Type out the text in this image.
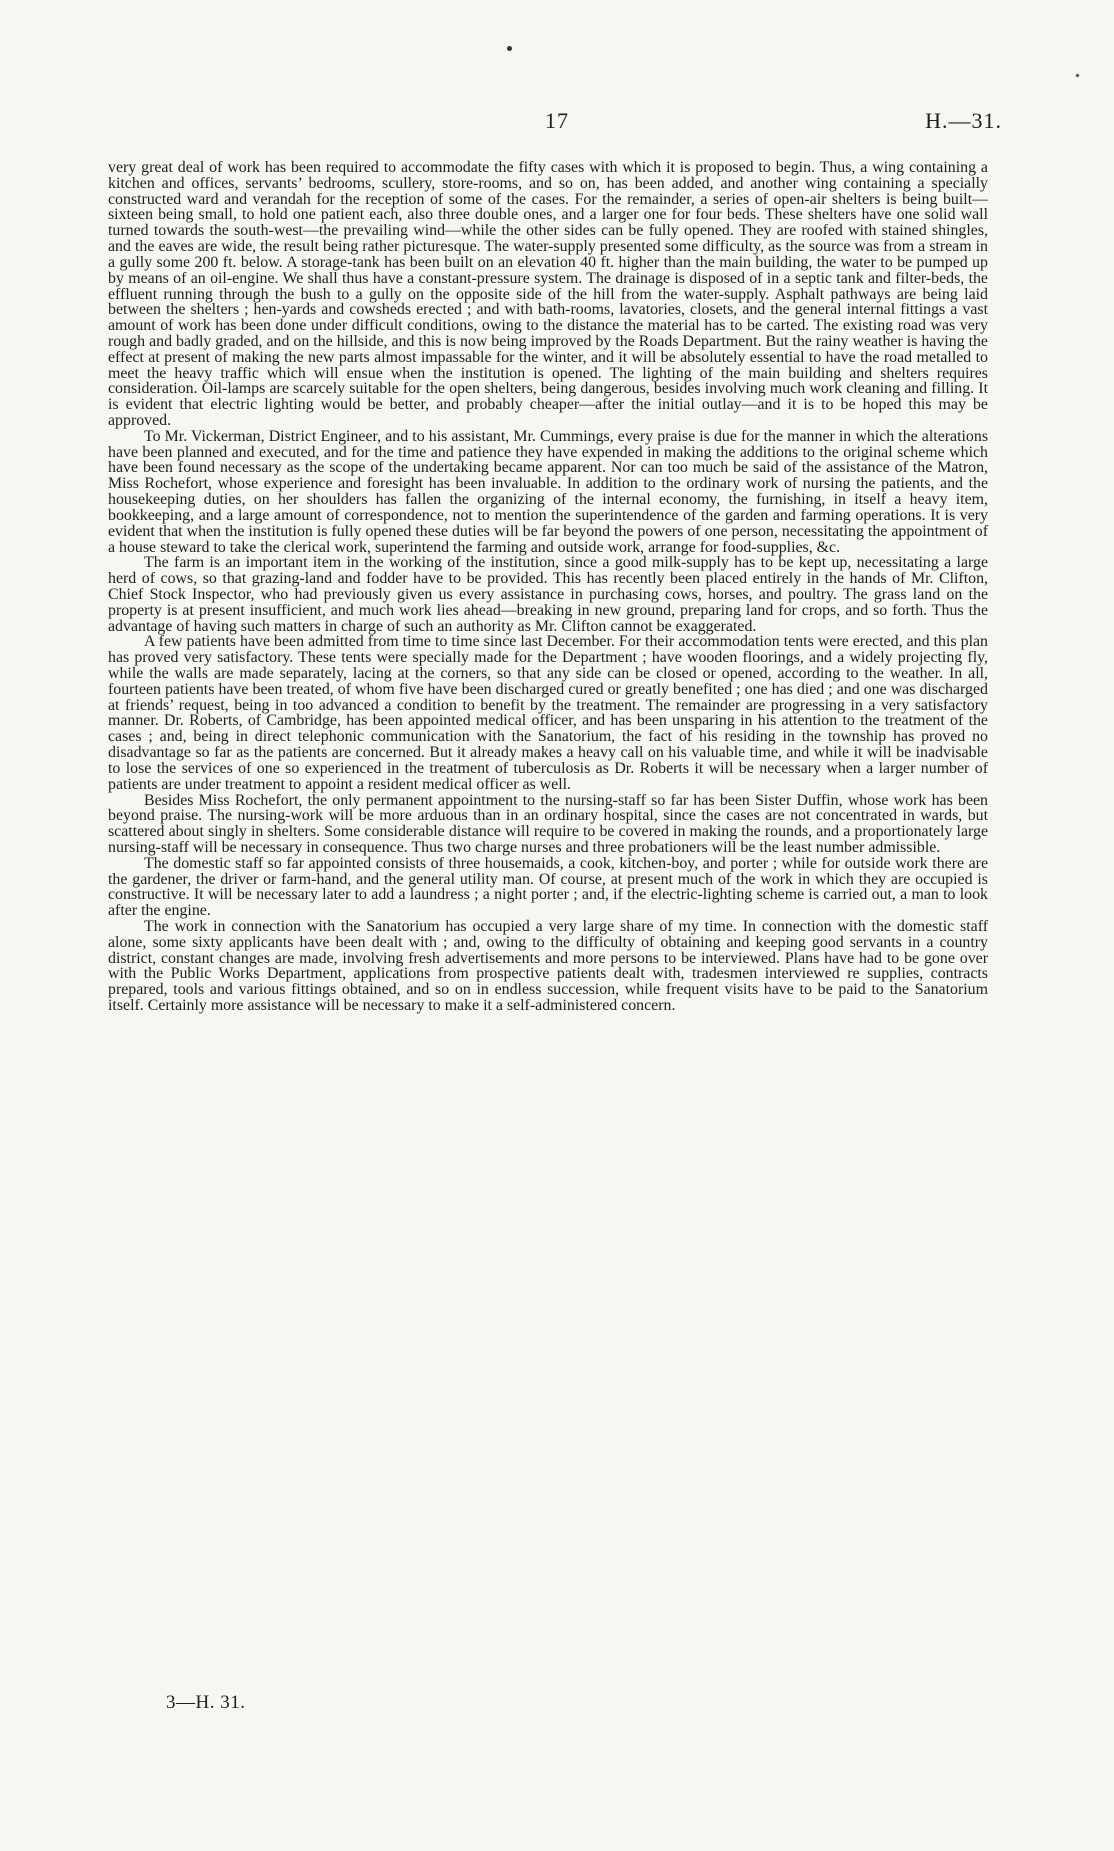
17	H.—31.

very great deal of work has been required to accommodate the fifty cases with which it is proposed to begin. Thus, a wing containing a kitchen and offices, servants’ bedrooms, scullery, store-rooms, and so on, has been added, and another wing containing a specially constructed ward and verandah for the reception of some of the cases. For the remainder, a series of open-air shelters is being built—sixteen being small, to hold one patient each, also three double ones, and a larger one for four beds. These shelters have one solid wall turned towards the south-west—the prevailing wind—while the other sides can be fully opened. They are roofed with stained shingles, and the eaves are wide, the result being rather picturesque. The water-supply presented some difficulty, as the source was from a stream in a gully some 200 ft. below. A storage-tank has been built on an elevation 40 ft. higher than the main building, the water to be pumped up by means of an oil-engine. We shall thus have a constant-pressure system. The drainage is disposed of in a septic tank and filter-beds, the effluent running through the bush to a gully on the opposite side of the hill from the water-supply. Asphalt pathways are being laid between the shelters ; hen-yards and cowsheds erected ; and with bath-rooms, lavatories, closets, and the general internal fittings a vast amount of work has been done under difficult conditions, owing to the distance the material has to be carted. The existing road was very rough and badly graded, and on the hillside, and this is now being improved by the Roads Department. But the rainy weather is having the effect at present of making the new parts almost impassable for the winter, and it will be absolutely essential to have the road metalled to meet the heavy traffic which will ensue when the institution is opened. The lighting of the main building and shelters requires consideration. Oil-lamps are scarcely suitable for the open shelters, being dangerous, besides involving much work cleaning and filling. It is evident that electric lighting would be better, and probably cheaper—after the initial outlay—and it is to be hoped this may be approved.

To Mr. Vickerman, District Engineer, and to his assistant, Mr. Cummings, every praise is due for the manner in which the alterations have been planned and executed, and for the time and patience they have expended in making the additions to the original scheme which have been found necessary as the scope of the undertaking became apparent. Nor can too much be said of the assistance of the Matron, Miss Rochefort, whose experience and foresight has been invaluable. In addition to the ordinary work of nursing the patients, and the housekeeping duties, on her shoulders has fallen the organizing of the internal economy, the furnishing, in itself a heavy item, bookkeeping, and a large amount of correspondence, not to mention the superintendence of the garden and farming operations. It is very evident that when the institution is fully opened these duties will be far beyond the powers of one person, necessitating the appointment of a house steward to take the clerical work, superintend the farming and outside work, arrange for food-supplies, &c.

The farm is an important item in the working of the institution, since a good milk-supply has to be kept up, necessitating a large herd of cows, so that grazing-land and fodder have to be provided. This has recently been placed entirely in the hands of Mr. Clifton, Chief Stock Inspector, who had previously given us every assistance in purchasing cows, horses, and poultry. The grass land on the property is at present insufficient, and much work lies ahead—breaking in new ground, preparing land for crops, and so forth. Thus the advantage of having such matters in charge of such an authority as Mr. Clifton cannot be exaggerated.

A few patients have been admitted from time to time since last December. For their accommodation tents were erected, and this plan has proved very satisfactory. These tents were specially made for the Department ; have wooden floorings, and a widely projecting fly, while the walls are made separately, lacing at the corners, so that any side can be closed or opened, according to the weather. In all, fourteen patients have been treated, of whom five have been discharged cured or greatly benefited ; one has died ; and one was discharged at friends’ request, being in too advanced a condition to benefit by the treatment. The remainder are progressing in a very satisfactory manner. Dr. Roberts, of Cambridge, has been appointed medical officer, and has been unsparing in his attention to the treatment of the cases ; and, being in direct telephonic communication with the Sanatorium, the fact of his residing in the township has proved no disadvantage so far as the patients are concerned. But it already makes a heavy call on his valuable time, and while it will be inadvisable to lose the services of one so experienced in the treatment of tuberculosis as Dr. Roberts it will be necessary when a larger number of patients are under treatment to appoint a resident medical officer as well.

Besides Miss Rochefort, the only permanent appointment to the nursing-staff so far has been Sister Duffin, whose work has been beyond praise. The nursing-work will be more arduous than in an ordinary hospital, since the cases are not concentrated in wards, but scattered about singly in shelters. Some considerable distance will require to be covered in making the rounds, and a proportionately large nursing-staff will be necessary in consequence. Thus two charge nurses and three probationers will be the least number admissible.

The domestic staff so far appointed consists of three housemaids, a cook, kitchen-boy, and porter ; while for outside work there are the gardener, the driver or farm-hand, and the general utility man. Of course, at present much of the work in which they are occupied is constructive. It will be necessary later to add a laundress ; a night porter ; and, if the electric-lighting scheme is carried out, a man to look after the engine.

The work in connection with the Sanatorium has occupied a very large share of my time. In connection with the domestic staff alone, some sixty applicants have been dealt with ; and, owing to the difficulty of obtaining and keeping good servants in a country district, constant changes are made, involving fresh advertisements and more persons to be interviewed. Plans have had to be gone over with the Public Works Department, applications from prospective patients dealt with, tradesmen interviewed re supplies, contracts prepared, tools and various fittings obtained, and so on in endless succession, while frequent visits have to be paid to the Sanatorium itself. Certainly more assistance will be necessary to make it a self-administered concern.

3—H. 31.
